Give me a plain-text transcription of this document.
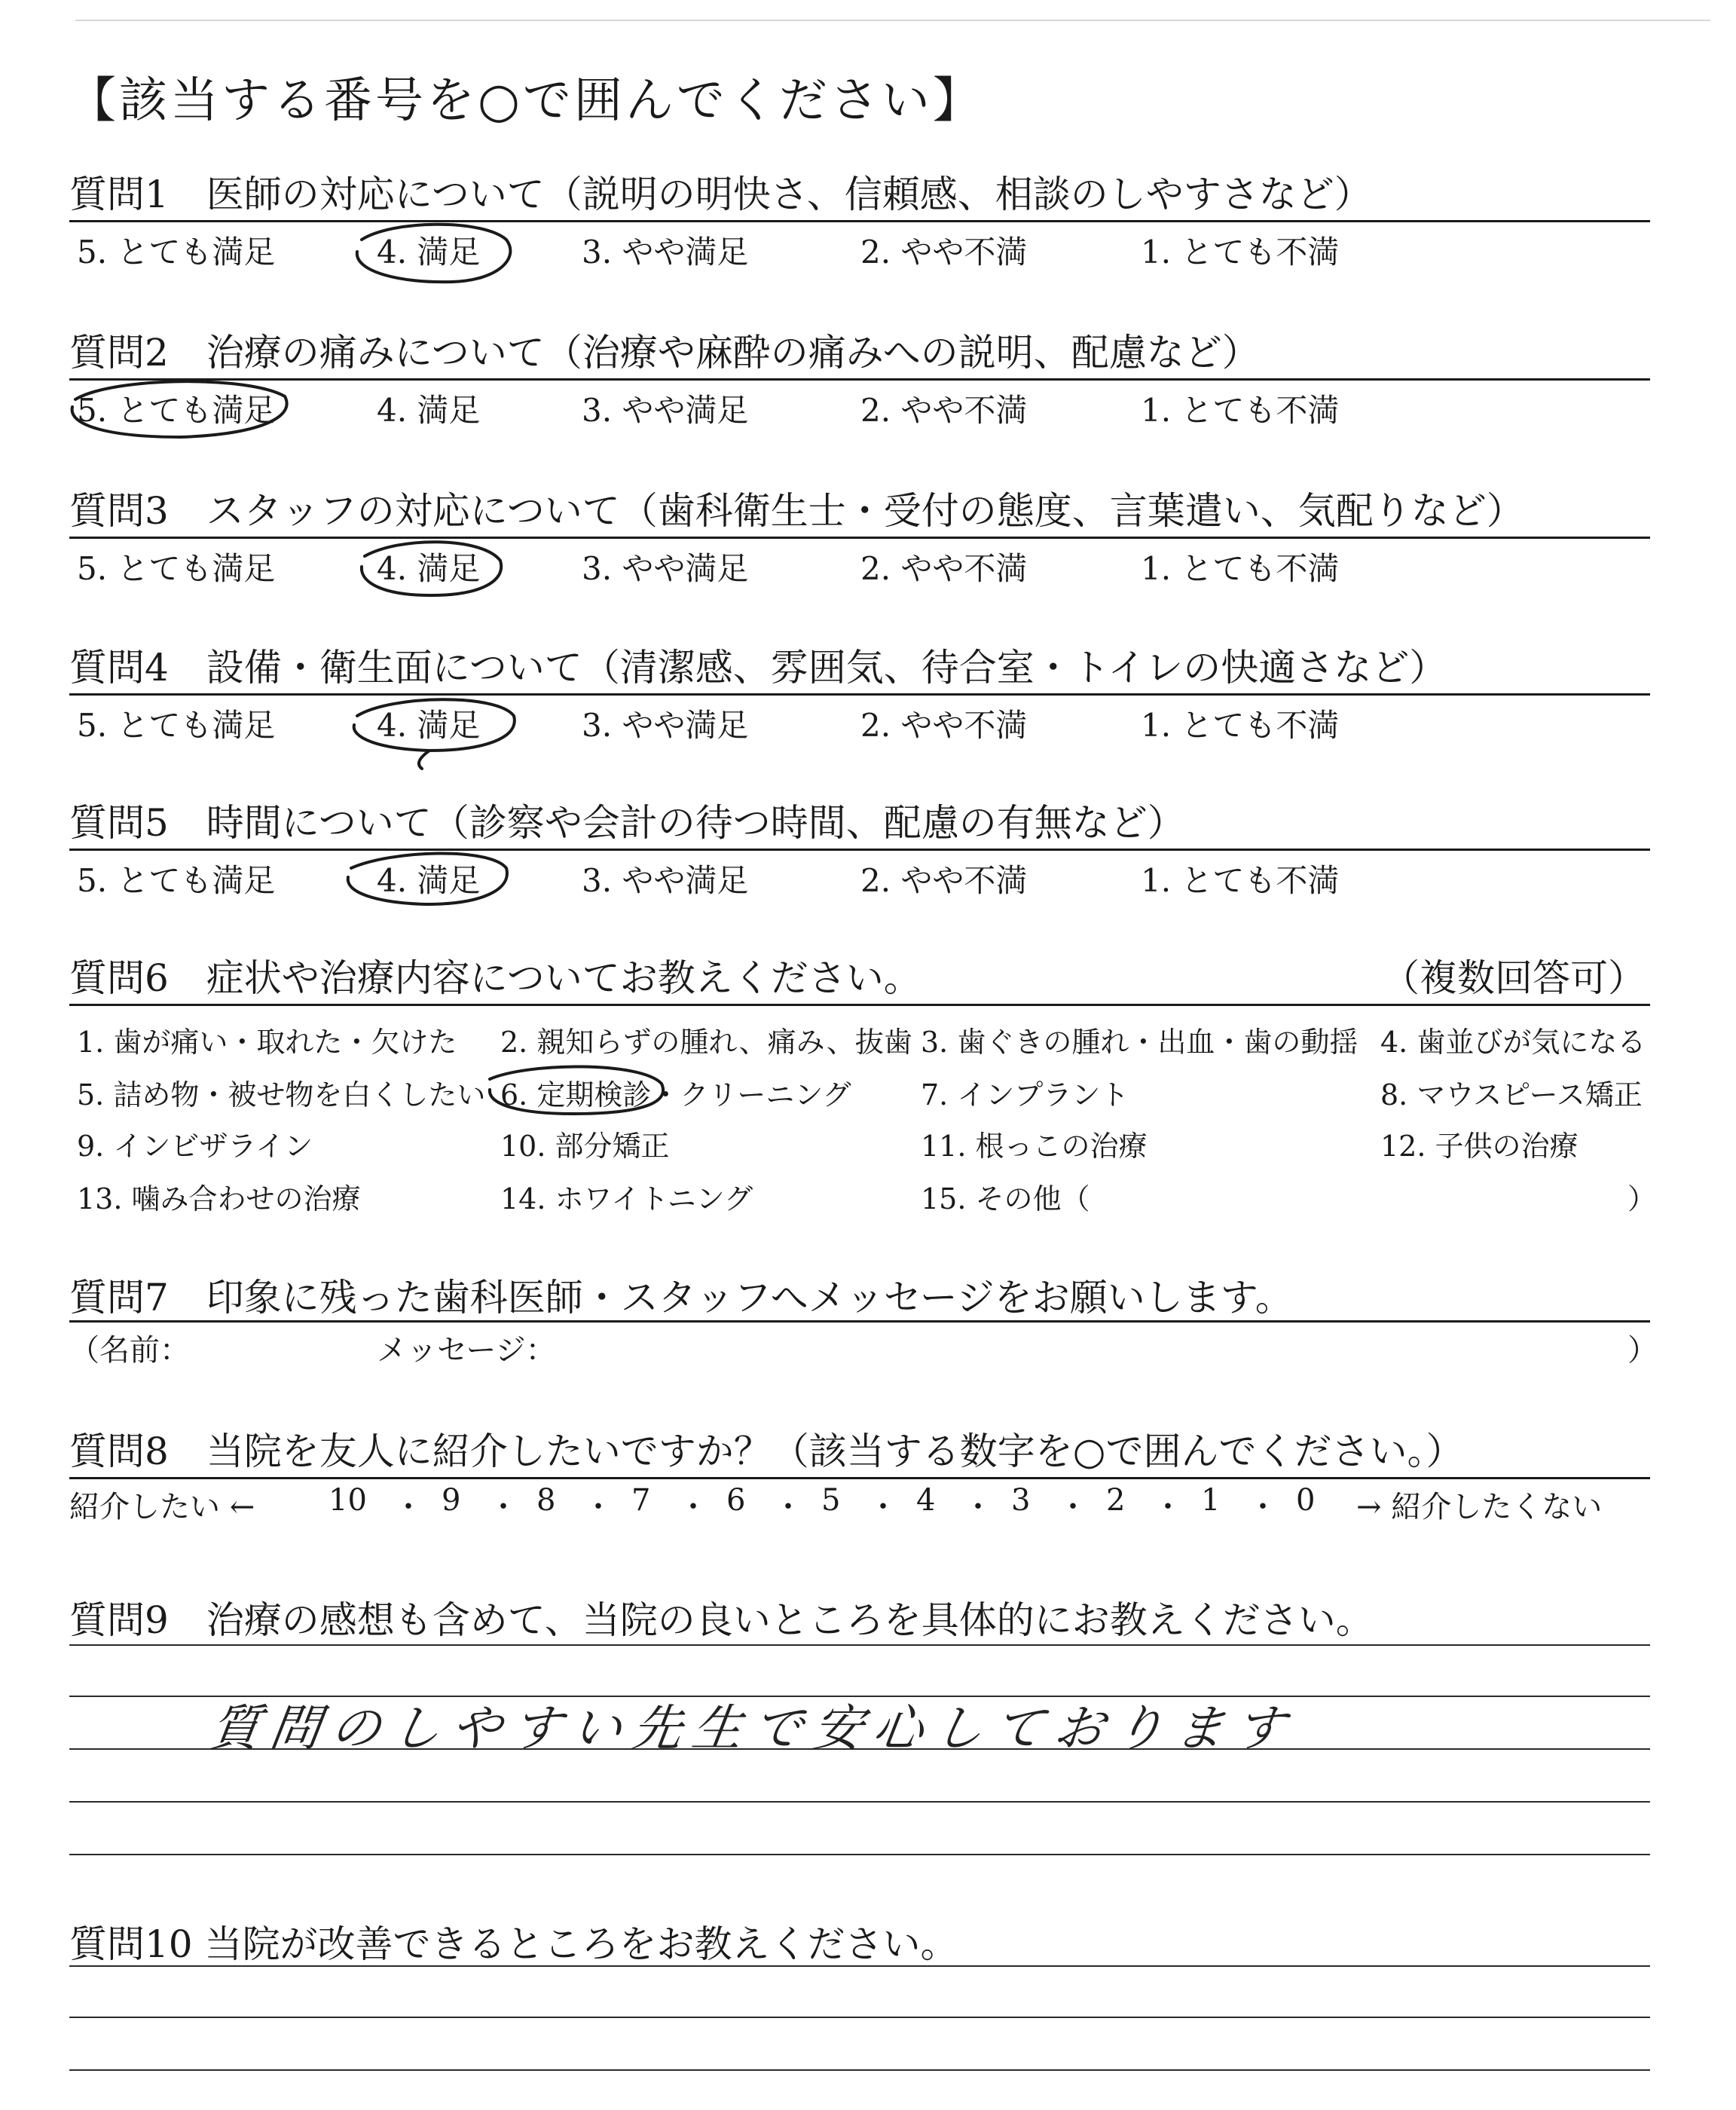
【該当する番号を○で囲んでください】
質問1　医師の対応について（説明の明快さ、信頼感、相談のしやすさなど）
5. とても満足	4. 満足	3. やや満足	2. やや不満	1. とても不満
質問2　治療の痛みについて（治療や麻酔の痛みへの説明、配慮など）
5. とても満足	4. 満足	3. やや満足	2. やや不満	1. とても不満
質問3　スタッフの対応について（歯科衛生士・受付の態度、言葉遣い、気配りなど）
5. とても満足	4. 満足	3. やや満足	2. やや不満	1. とても不満
質問4　設備・衛生面について（清潔感、雰囲気、待合室・トイレの快適さなど）
5. とても満足	4. 満足	3. やや満足	2. やや不満	1. とても不満
質問5　時間について（診察や会計の待つ時間、配慮の有無など）
5. とても満足	4. 満足	3. やや満足	2. やや不満	1. とても不満
質問6　症状や治療内容についてお教えください。	（複数回答可）
1. 歯が痛い・取れた・欠けた 2. 親知らずの腫れ、痛み、抜歯 3. 歯ぐきの腫れ・出血・歯の動揺 4. 歯並びが気になる
5. 詰め物・被せ物を白くしたい 6. 定期検診・クリーニング 7. インプラント	8. マウスピース矯正
9. インビザライン	10. 部分矯正	11. 根っこの治療	12. 子供の治療
13. 噛み合わせの治療	14. ホワイトニング	15. その他（	）
質問7　印象に残った歯科医師・スタッフへメッセージをお願いします。
（名前：	メッセージ：	）
質問8　当院を友人に紹介したいですか？（該当する数字を○で囲んでください。）
紹介したい ← 10 ・ 9 ・ 8 ・ 7 ・ 6 ・ 5 ・ 4 ・ 3 ・ 2 ・ 1 ・ 0 → 紹介したくない
質問9　治療の感想も含めて、当院の良いところを具体的にお教えください。
質問のしやすい先生で安心しております
質問10 当院が改善できるところをお教えください。
